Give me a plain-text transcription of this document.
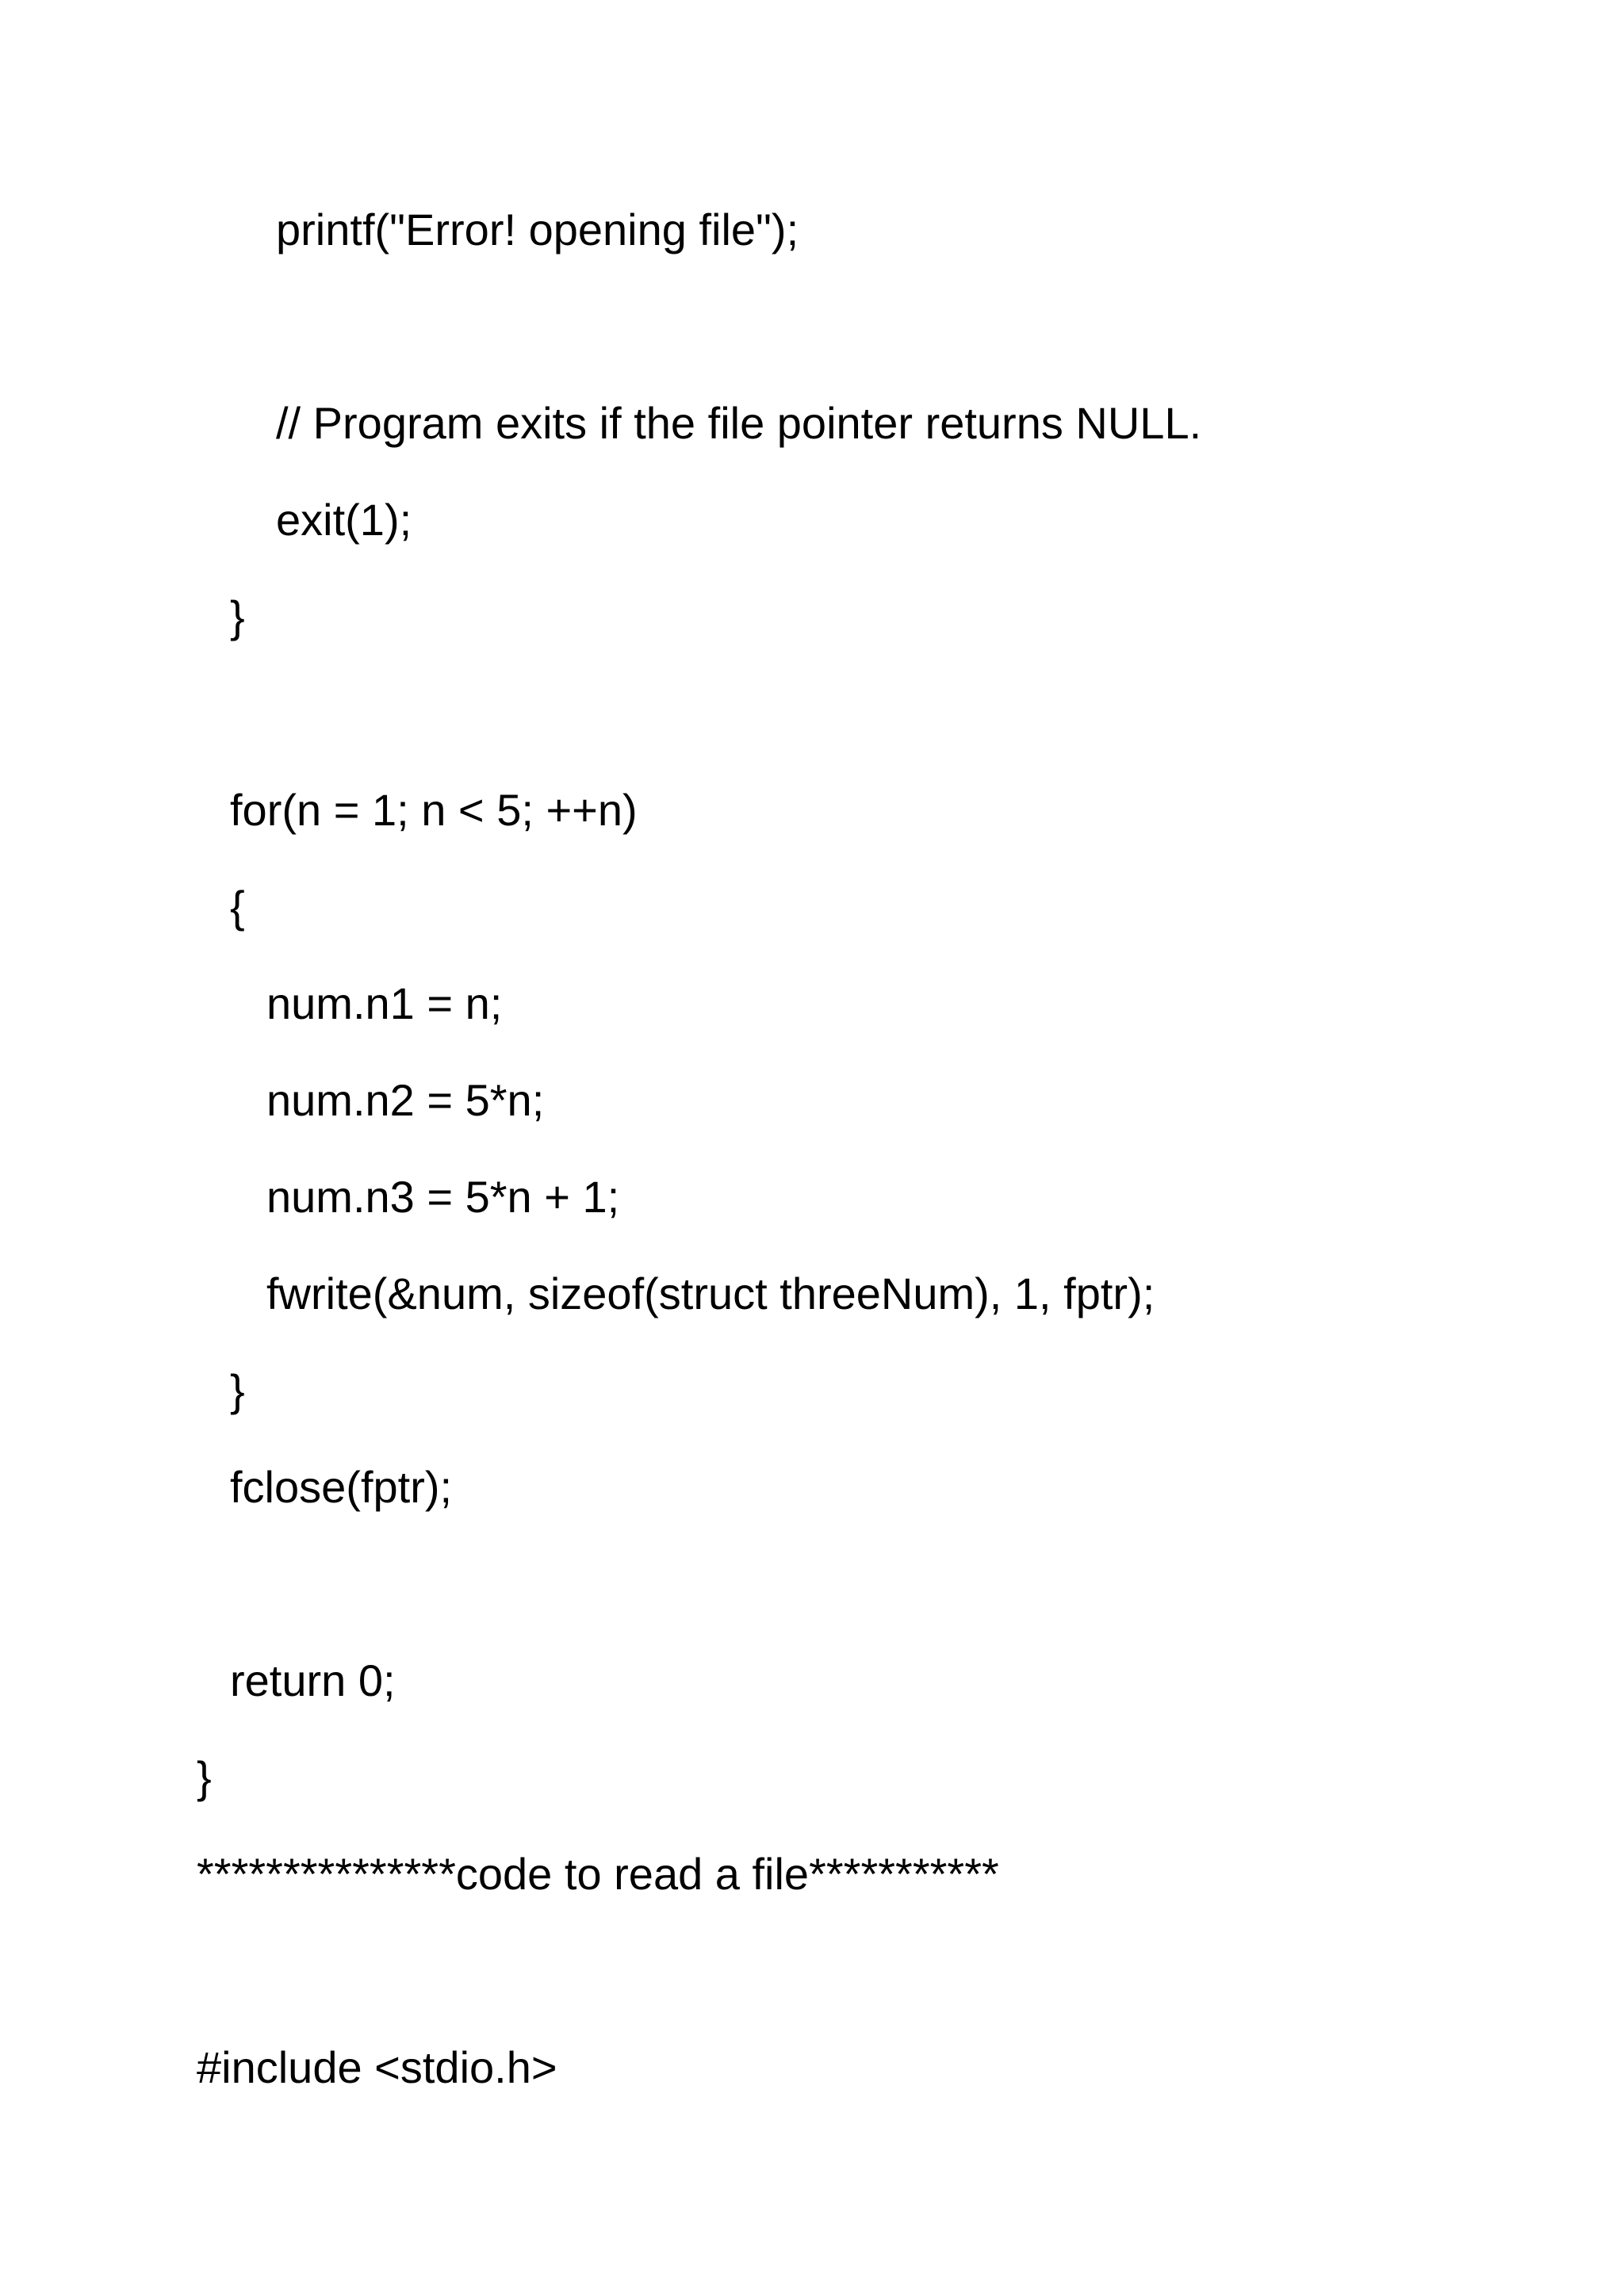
printf("Error! opening file");
// Program exits if the file pointer returns NULL.
exit(1);
}
for(n = 1; n < 5; ++n)
{
num.n1 = n;
num.n2 = 5*n;
num.n3 = 5*n + 1;
fwrite(&num, sizeof(struct threeNum), 1, fptr);
}
fclose(fptr);
return 0;
}
***************code to read a file***********
#include <stdio.h>
